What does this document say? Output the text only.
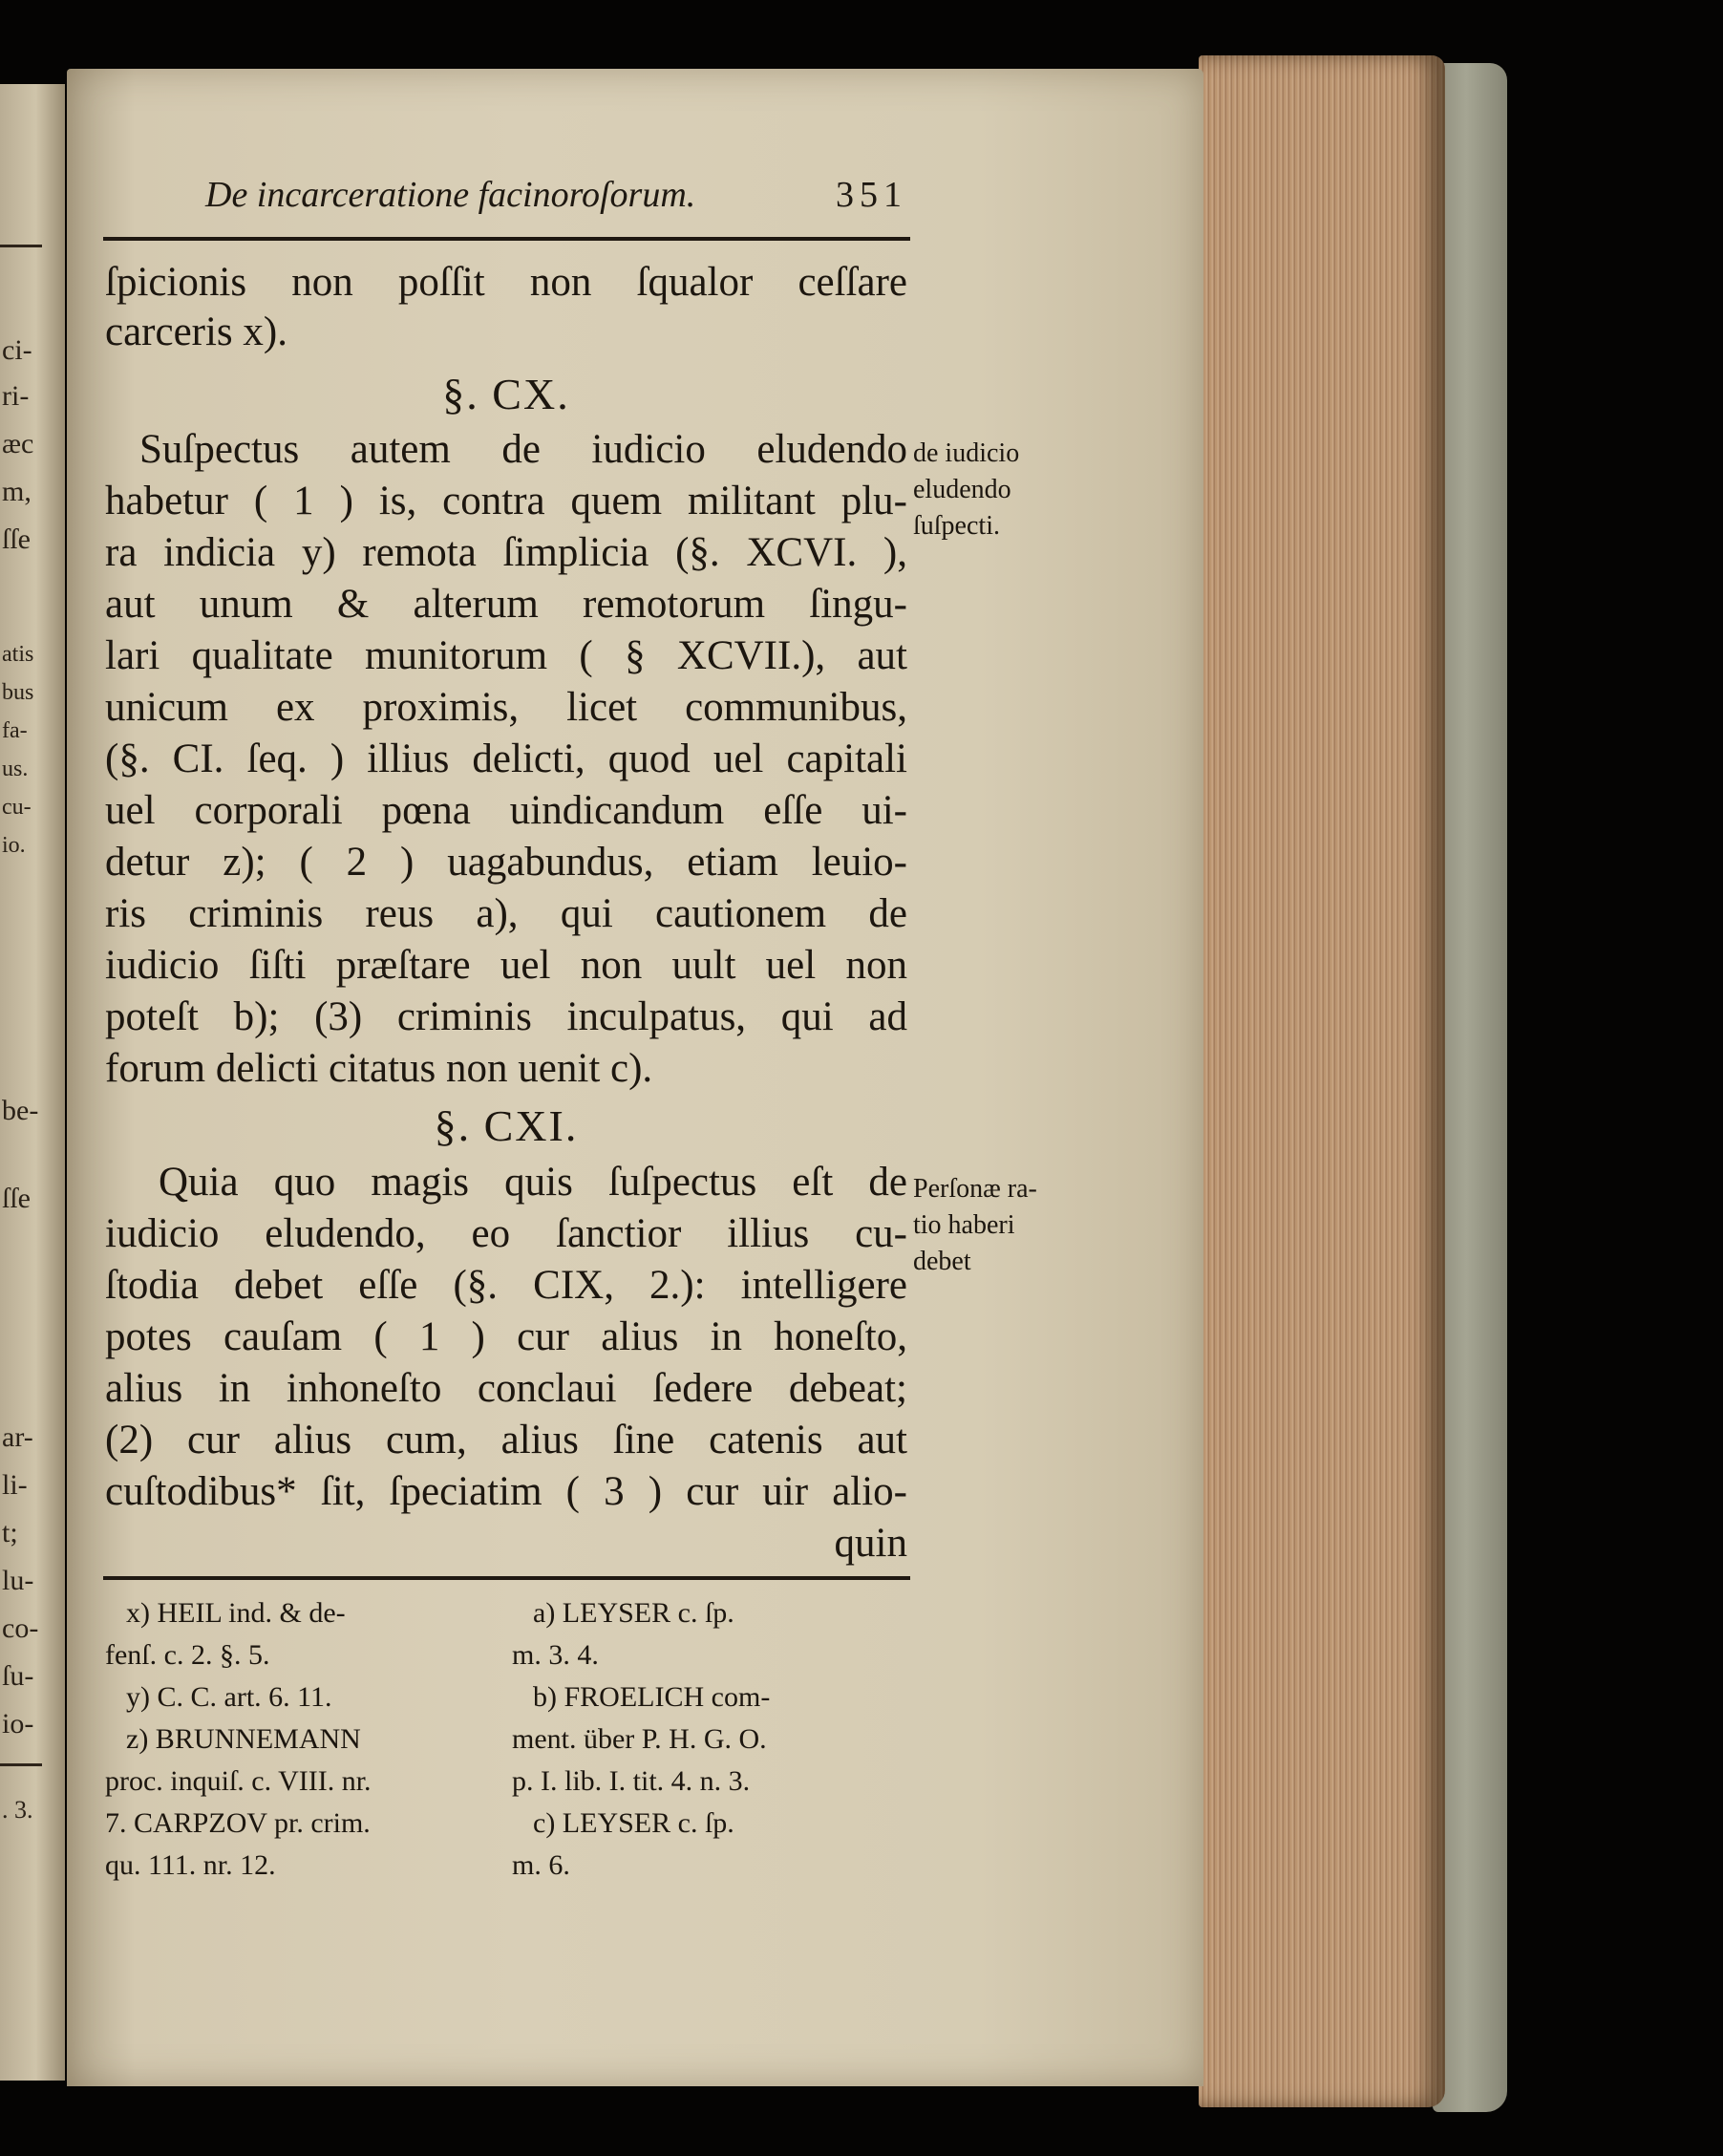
ci-
ri-
æc
m,
ſſe
atis
bus
fa-
us.
cu-
io.
be-
ſſe
ar-
li-
t;
lu-
co-
ſu-
io-
. 3.
De incarceratione facinoroſorum.	351
ſpicionis non poſſit non ſqualor ceſſare
carceris x).
§. CX.
Suſpectus autem de iudicio eludendo
habetur ( 1 ) is, contra quem militant plu-
ra indicia y) remota ſimplicia (§. XCVI. ),
aut unum & alterum remotorum ſingu-
lari qualitate munitorum ( § XCVII.), aut
unicum ex proximis, licet communibus,
(§. CI. ſeq. ) illius delicti, quod uel capitali
uel corporali pœna uindicandum eſſe ui-
detur z); ( 2 ) uagabundus, etiam leuio-
ris criminis reus a), qui cautionem de
iudicio ſiſti præſtare uel non uult uel non
poteſt b); (3) criminis inculpatus, qui ad
forum delicti citatus non uenit c).
de iudicio
eludendo
ſuſpecti.
§. CXI.
Quia quo magis quis ſuſpectus eſt de
iudicio eludendo, eo ſanctior illius cu-
ſtodia debet eſſe (§. CIX, 2.): intelligere
potes cauſam ( 1 ) cur alius in honeſto,
alius in inhoneſto conclaui ſedere debeat;
(2) cur alius cum, alius ſine catenis aut
cuſtodibus* ſit, ſpeciatim ( 3 ) cur uir alio-
quin
Perſonæ ra-
tio haberi
debet
x) HEIL ind. & de-
fenſ. c. 2. §. 5.
y) C. C. art. 6. 11.
z) BRUNNEMANN
proc. inquiſ. c. VIII. nr.
7. CARPZOV pr. crim.
qu. 111. nr. 12.
a) LEYSER c. ſp.
m. 3. 4.
b) FROELICH com-
ment. über P. H. G. O.
p. I. lib. I. tit. 4. n. 3.
c) LEYSER c. ſp.
m. 6.
